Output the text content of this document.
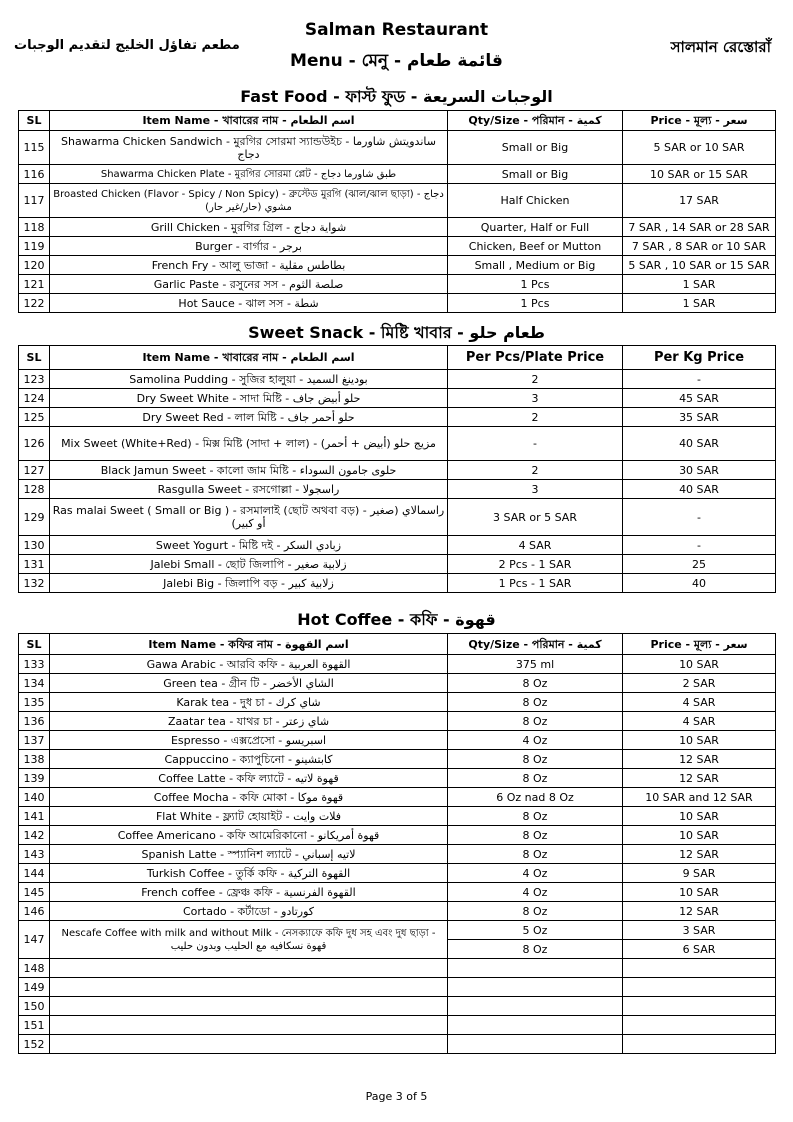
Salman Restaurant
Menu - মেনু - قائمة طعام
مطعم تفاؤل الخليج لتقديم الوجبات	সালমান রেস্তোরাঁ
Fast Food - ফাস্ট ফুড - الوجبات السريعة
SL	Item Name - খাবারের নাম - اسم الطعام	Qty/Size - পরিমান - كمية	Price - মূল্য - سعر
115	Shawarma Chicken Sandwich - মুরগির সোরমা স্যান্ডউইচ - ساندويتش شاورما دجاج	Small or Big	5 SAR or 10 SAR
116	Shawarma Chicken Plate - মুরগির সোরমা প্লেট - طبق شاورما دجاج	Small or Big	10 SAR or 15 SAR
117	Broasted Chicken (Flavor - Spicy / Non Spicy) - ব্রুস্টেড মুরগি (ঝাল/ঝাল ছাড়া) - دجاج مشوي (حار/غير حار)	Half Chicken	17 SAR
118	Grill Chicken - মুরগির গ্রিল - شواية دجاج	Quarter, Half or Full	7 SAR , 14 SAR or 28 SAR
119	Burger - বার্গার - برجر	Chicken, Beef or Mutton	7 SAR , 8 SAR or 10 SAR
120	French Fry - আলু ভাজা - بطاطس مقلية	Small , Medium or Big	5 SAR , 10 SAR or 15 SAR
121	Garlic Paste - রসুনের সস - صلصة الثوم	1 Pcs	1 SAR
122	Hot Sauce - ঝাল সস - شطة	1 Pcs	1 SAR
Sweet Snack - মিষ্টি খাবার - طعام حلو
SL	Item Name - খাবারের নাম - اسم الطعام	Per Pcs/Plate Price	Per Kg Price
123	Samolina Pudding - সুজির হালুয়া - بودينغ السميد	2	-
124	Dry Sweet White - সাদা মিষ্টি - حلو أبيض جاف	3	45 SAR
125	Dry Sweet Red - লাল মিষ্টি - حلو أحمر جاف	2	35 SAR
126	Mix Sweet (White+Red) - মিক্স মিষ্টি (সাদা + লাল) - مزيج حلو (أبيض + أحمر)	-	40 SAR
127	Black Jamun Sweet - কালো জাম মিষ্টি - حلوى جامون السوداء	2	30 SAR
128	Rasgulla Sweet - রসগোল্লা - راسجولا	3	40 SAR
129	Ras malai Sweet ( Small or Big ) - রসমালাই (ছোট অথবা বড়) - راسمالاي (صغير أو كبير)	3 SAR or 5 SAR	-
130	Sweet Yogurt - মিষ্টি দই - زبادي السكر	4 SAR	-
131	Jalebi Small - ছোট জিলাপি - زلابية صغير	2 Pcs - 1 SAR	25
132	Jalebi Big - জিলাপি বড় - زلابية كبير	1 Pcs - 1 SAR	40
Hot Coffee - কফি - قهوة
SL	Item Name - কফির নাম - اسم القهوة	Qty/Size - পরিমান - كمية	Price - মূল্য - سعر
133	Gawa Arabic - আরবি কফি - القهوة العربية	375 ml	10 SAR
134	Green tea - গ্রীন টি - الشاي الأخضر	8 Oz	2 SAR
135	Karak tea - দুধ চা - شاي كرك	8 Oz	4 SAR
136	Zaatar tea - যাথর চা - شاي زعتر	8 Oz	4 SAR
137	Espresso - এক্সপ্রেসো - اسبريسو	4 Oz	10 SAR
138	Cappuccino - ক্যাপুচিনো - كابتشينو	8 Oz	12 SAR
139	Coffee Latte - কফি ল্যাটে - قهوة لاتيه	8 Oz	12 SAR
140	Coffee Mocha - কফি মোকা - قهوة موكا	6 Oz nad 8 Oz	10 SAR and 12 SAR
141	Flat White - ফ্ল্যাট হোয়াইট - فلات وايت	8 Oz	10 SAR
142	Coffee Americano - কফি আমেরিকানো - قهوة أمريكانو	8 Oz	10 SAR
143	Spanish Latte - স্প্যানিশ ল্যাটে - لاتيه إسباني	8 Oz	12 SAR
144	Turkish Coffee - তুর্কি কফি - القهوة التركية	4 Oz	9 SAR
145	French coffee - ফ্রেঞ্চ কফি - القهوة الفرنسية	4 Oz	10 SAR
146	Cortado - কর্টাডো - كورتادو	8 Oz	12 SAR
147	Nescafe Coffee with milk and without Milk - নেসক্যাফে কফি দুধ সহ এবং দুধ ছাড়া - قهوة نسكافيه مع الحليب وبدون حليب	5 Oz	3 SAR
		8 Oz	6 SAR
148			
149			
150			
151			
152			
Page 3 of 5
